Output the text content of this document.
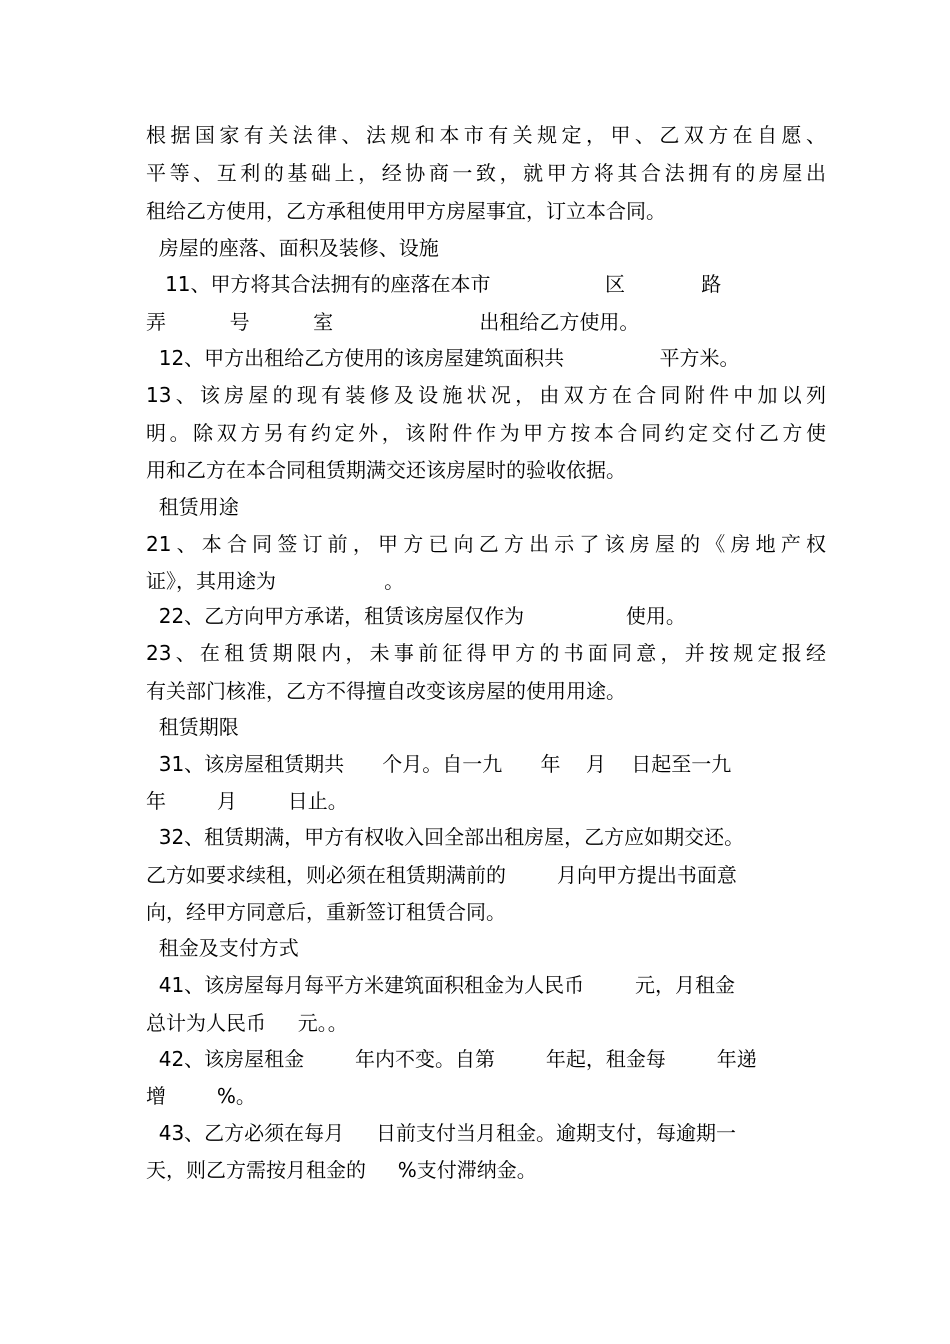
根据国家有关法律、法规和本市有关规定，甲、乙双方在自愿、
平等、互利的基础上，经协商一致，就甲方将其合法拥有的房屋出
租给乙方使用，乙方承租使用甲方房屋事宜，订立本合同。
房屋的座落、面积及装修、设施
11、甲方将其合法拥有的座落在本市                  区            路
弄          号          室                       出租给乙方使用。
12、甲方出租给乙方使用的该房屋建筑面积共               平方米。
13、该房屋的现有装修及设施状况，由双方在合同附件中加以列
明。除双方另有约定外，该附件作为甲方按本合同约定交付乙方使
用和乙方在本合同租赁期满交还该房屋时的验收依据。
租赁用途
21、本合同签订前，甲方已向乙方出示了该房屋的《房地产权
证》，其用途为                 。
22、乙方向甲方承诺，租赁该房屋仅作为                使用。
23、在租赁期限内，未事前征得甲方的书面同意，并按规定报经
有关部门核准，乙方不得擅自改变该房屋的使用用途。
租赁期限
31、该房屋租赁期共      个月。自一九      年    月    日起至一九
年        月        日止。
32、租赁期满，甲方有权收入回全部出租房屋，乙方应如期交还。
乙方如要求续租，则必须在租赁期满前的        月向甲方提出书面意
向，经甲方同意后，重新签订租赁合同。
租金及支付方式
41、该房屋每月每平方米建筑面积租金为人民币        元，月租金
总计为人民币     元。。
42、该房屋租金        年内不变。自第        年起，租金每        年递
增        %。
43、乙方必须在每月     日前支付当月租金。逾期支付，每逾期一
天，则乙方需按月租金的     %支付滞纳金。
